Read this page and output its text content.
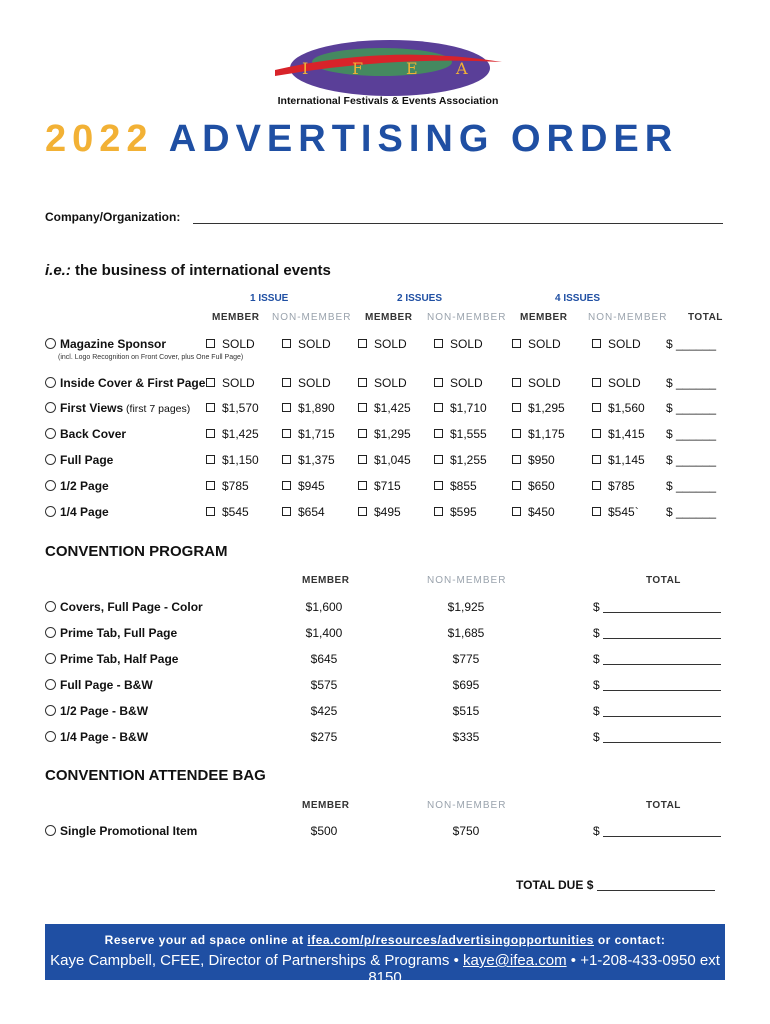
I	F	E A
International Festivals & Events Association
2022 ADVERTISING ORDER
Company/Organization:
i.e.: the business of international events
1 ISSUE	2 ISSUES	4 ISSUES
MEMBER NON-MEMBER MEMBER NON-MEMBER MEMBER NON-MEMBER TOTAL
Magazine Sponsor	SOLD	SOLD	SOLD	SOLD	SOLD	SOLD $ ______
Inside Cover & First Page	SOLD	SOLD	SOLD	SOLD	SOLD	SOLD $ ______
First Views (first 7 pages)	$1,570	$1,890	$1,425	$1,710	$1,295	$1,560 $ ______
Back Cover	$1,425	$1,715	$1,295	$1,555	$1,175	$1,415 $ ______
Full Page	$1,150	$1,375	$1,045	$1,255	$950	$1,145 $ ______
1/2 Page	$785	$945	$715	$855	$650	$785	$ ______
1/4 Page	$545	$654	$495	$595	$450	$545` $ ______
(incl. Logo Recognition on Front Cover, plus One Full Page)
CONVENTION PROGRAM
MEMBER	NON-MEMBER	TOTAL
Covers, Full Page - Color	$1,600	$1,925	$
Prime Tab, Full Page	$1,400	$1,685	$
Prime Tab, Half Page	$645	$775	$
Full Page - B&W	$575	$695	$
1/2 Page - B&W	$425	$515	$
1/4 Page - B&W	$275	$335	$
CONVENTION ATTENDEE BAG
MEMBER	NON-MEMBER	TOTAL
Single Promotional Item	$500	$750	$
TOTAL DUE $
Reserve your ad space online at ifea.com/p/resources/advertisingopportunities or contact:
Kaye Campbell, CFEE, Director of Partnerships & Programs • kaye@ifea.com • +1-208-433-0950 ext 8150
